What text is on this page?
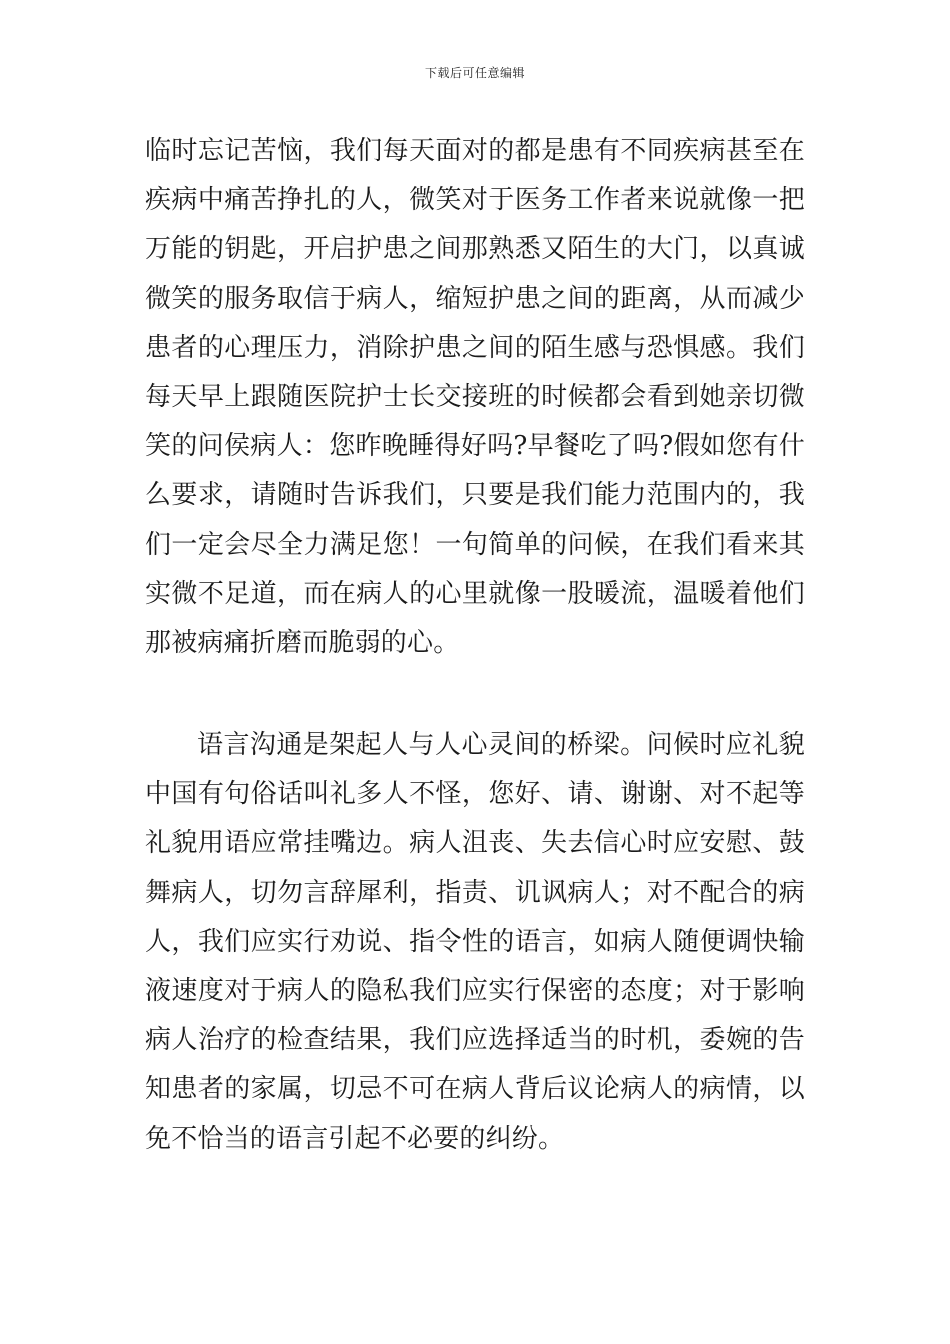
下载后可任意编辑

临时忘记苦恼，我们每天面对的都是患有不同疾病甚至在疾病中痛苦挣扎的人，微笑对于医务工作者来说就像一把万能的钥匙，开启护患之间那熟悉又陌生的大门，以真诚微笑的服务取信于病人，缩短护患之间的距离，从而减少患者的心理压力，消除护患之间的陌生感与恐惧感。我们每天早上跟随医院护士长交接班的时候都会看到她亲切微笑的问侯病人：您昨晚睡得好吗?早餐吃了吗?假如您有什么要求，请随时告诉我们，只要是我们能力范围内的，我们一定会尽全力满足您！一句简单的问候，在我们看来其实微不足道，而在病人的心里就像一股暖流，温暖着他们那被病痛折磨而脆弱的心。

语言沟通是架起人与人心灵间的桥梁。问候时应礼貌中国有句俗话叫礼多人不怪，您好、请、谢谢、对不起等礼貌用语应常挂嘴边。病人沮丧、失去信心时应安慰、鼓舞病人，切勿言辞犀利，指责、讥讽病人；对不配合的病人，我们应实行劝说、指令性的语言，如病人随便调快输液速度对于病人的隐私我们应实行保密的态度；对于影响病人治疗的检查结果，我们应选择适当的时机，委婉的告知患者的家属，切忌不可在病人背后议论病人的病情，以免不恰当的语言引起不必要的纠纷。
